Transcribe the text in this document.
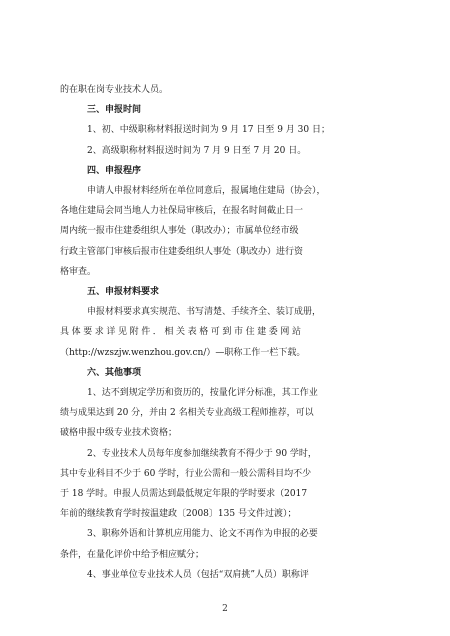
的在职在岗专业技术人员。
三、申报时间
1、初、中级职称材料报送时间为 9 月 17 日至 9 月 30 日；
2、高级职称材料报送时间为 7 月 9 日至 7 月 20 日。
四、申报程序
申请人申报材料经所在单位同意后，报属地住建局（协会），
各地住建局会同当地人力社保局审核后，在报名时间截止日一
周内统一报市住建委组织人事处（职改办）；市属单位经市级
行政主管部门审核后报市住建委组织人事处（职改办）进行资
格审查。
五、申报材料要求
申报材料要求真实规范、书写清楚、手续齐全、装订成册，
具体要求详见附件．相关表格可到市住建委网站
（http://wzszjw.wenzhou.gov.cn/）—职称工作一栏下载。
六、其他事项
1、达不到规定学历和资历的，按量化评分标准，其工作业
绩与成果达到 20 分，并由 2 名相关专业高级工程师推荐，可以
破格申报中级专业技术资格；
2、专业技术人员每年度参加继续教育不得少于 90 学时，
其中专业科目不少于 60 学时，行业公需和一般公需科目均不少
于 18 学时。申报人员需达到最低规定年限的学时要求（2017
年前的继续教育学时按温建政〔2008〕135 号文件过渡）；
3、职称外语和计算机应用能力、论文不再作为申报的必要
条件，在量化评价中给予相应赋分；
4、事业单位专业技术人员（包括“双肩挑”人员）职称评
2
